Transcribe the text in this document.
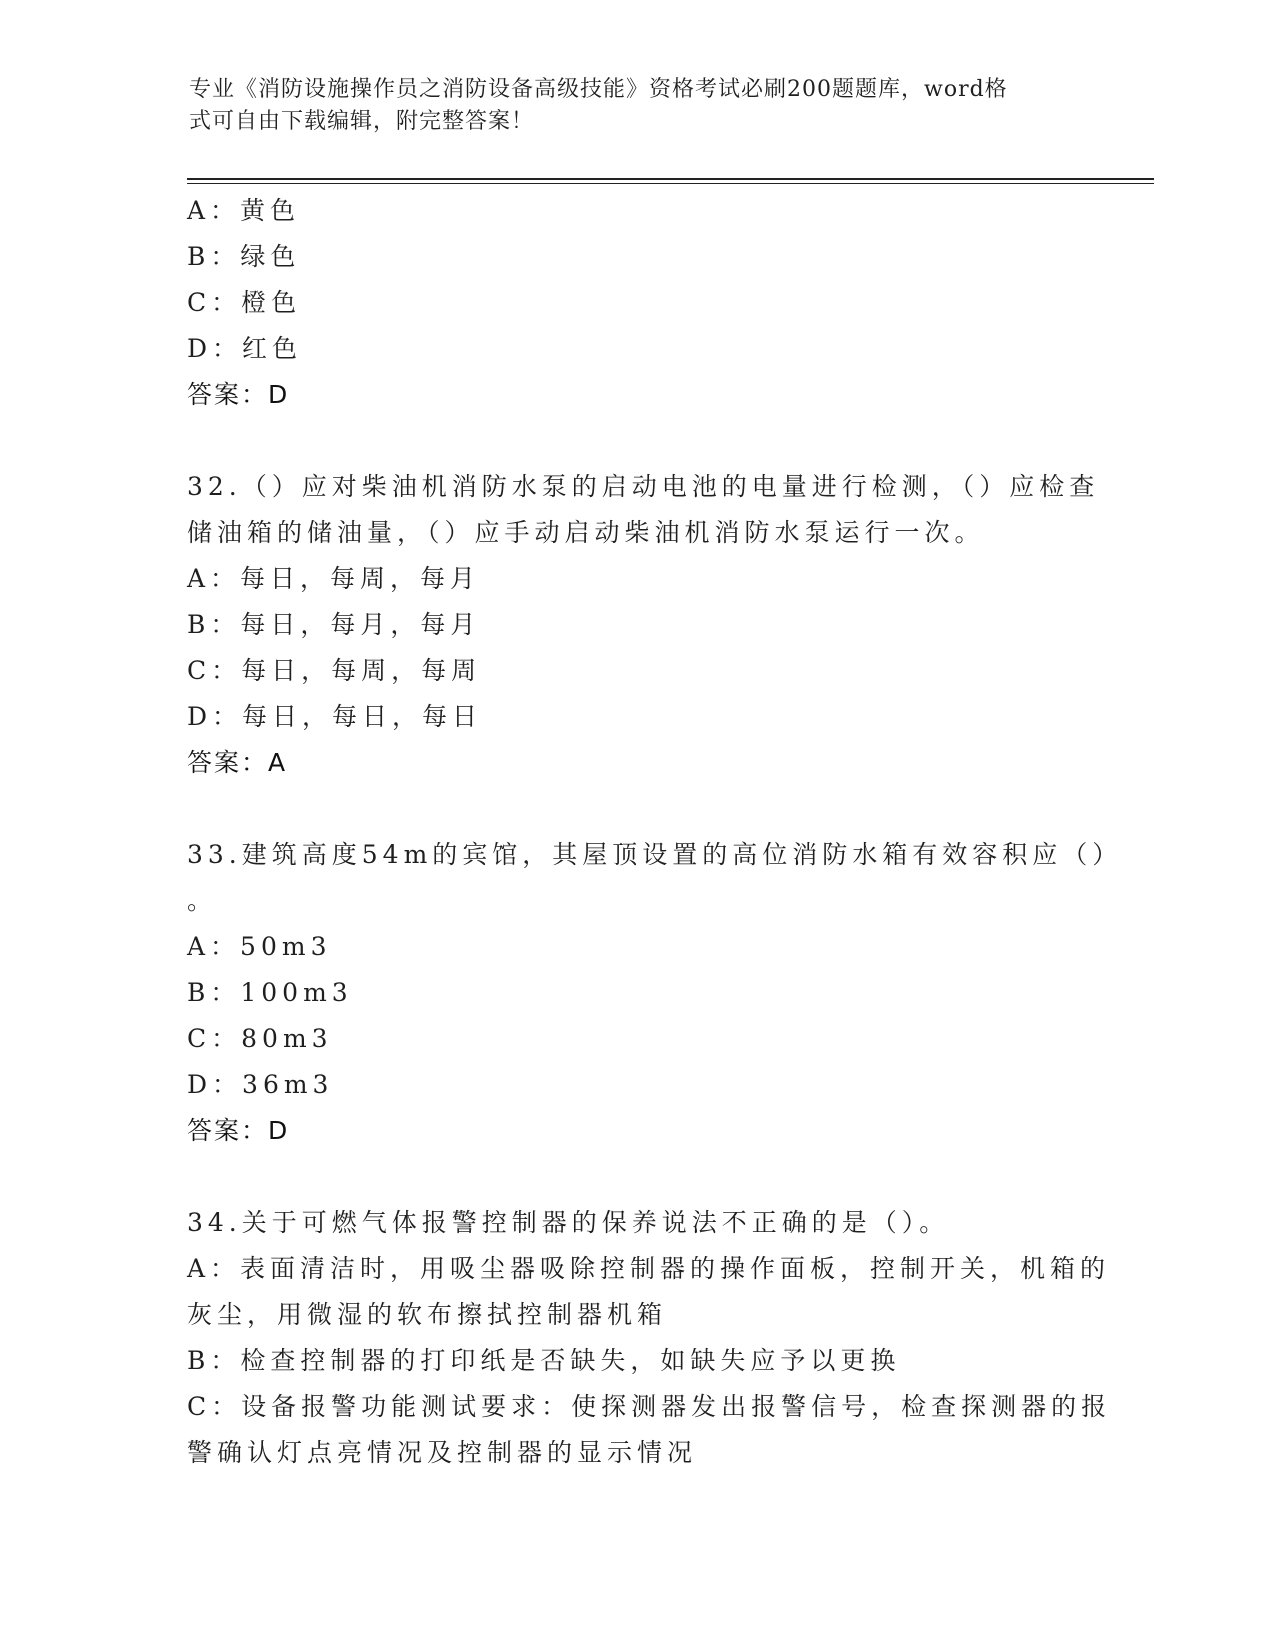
专业《消防设施操作员之消防设备高级技能》资格考试必刷200题题库，word格
式可自由下载编辑，附完整答案！
A：黄色
B：绿色
C：橙色
D：红色
答案：D
32.（）应对柴油机消防水泵的启动电池的电量进行检测，（）应检查
储油箱的储油量，（）应手动启动柴油机消防水泵运行一次。
A：每日，每周，每月
B：每日，每月，每月
C：每日，每周，每周
D：每日，每日，每日
答案：A
33.建筑高度54m的宾馆，其屋顶设置的高位消防水箱有效容积应（）
。
A：50m3
B：100m3
C：80m3
D：36m3
答案：D
34.关于可燃气体报警控制器的保养说法不正确的是（）。
A：表面清洁时，用吸尘器吸除控制器的操作面板，控制开关，机箱的
灰尘，用微湿的软布擦拭控制器机箱
B：检查控制器的打印纸是否缺失，如缺失应予以更换
C：设备报警功能测试要求：使探测器发出报警信号，检查探测器的报
警确认灯点亮情况及控制器的显示情况
